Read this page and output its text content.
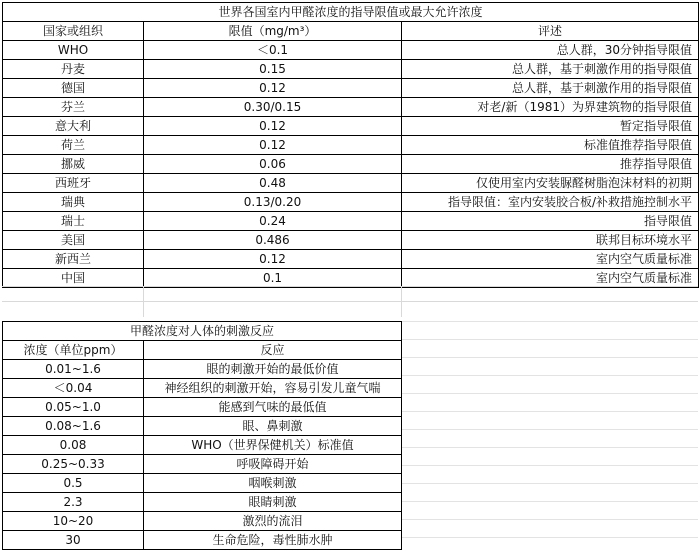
世界各国室内甲醛浓度的指导限值或最大允许浓度		
国家或组织	限值（mg/m³）	评述
WHO	＜0.1	总人群，30分钟指导限值
丹麦	0.15	总人群，基于刺激作用的指导限值
德国	0.12	总人群，基于刺激作用的指导限值
芬兰	0.30/0.15	对老/新（1981）为界建筑物的指导限值
意大利	0.12	暂定指导限值
荷兰	0.12	标准值推荐指导限值
挪威	0.06	推荐指导限值
西班牙	0.48	仅使用室内安装脲醛树脂泡沫材料的初期
瑞典	0.13/0.20	指导限值：室内安装胶合板/补救措施控制水平
瑞士	0.24	指导限值
美国	0.486	联邦目标环境水平
新西兰	0.12	室内空气质量标准
中国	0.1	室内空气质量标准
甲醛浓度对人体的刺激反应	
浓度（单位ppm）	反应
0.01~1.6	眼的刺激开始的最低价值
＜0.04	神经组织的刺激开始，容易引发儿童气喘
0.05~1.0	能感到气味的最低值
0.08~1.6	眼、鼻刺激
0.08	WHO（世界保健机关）标准值
0.25~0.33	呼吸障碍开始
0.5	咽喉刺激
2.3	眼睛刺激
10~20	激烈的流泪
30	生命危险，毒性肺水肿
